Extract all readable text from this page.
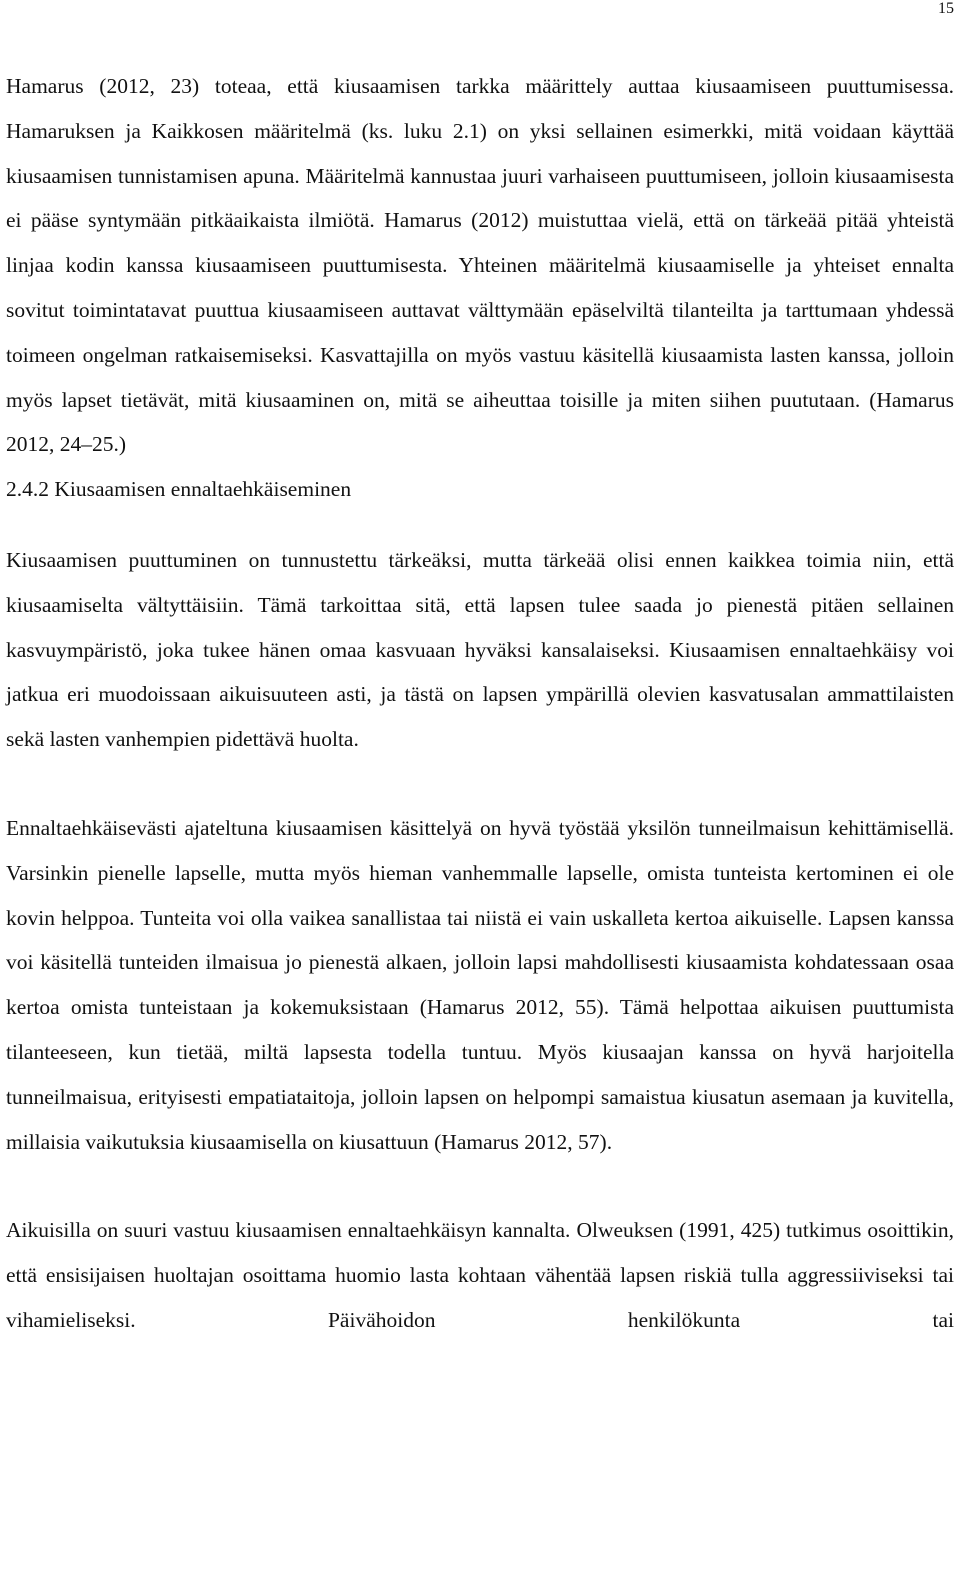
15

Hamarus (2012, 23) toteaa, että kiusaamisen tarkka määrittely auttaa kiusaamiseen puuttumisessa. Hamaruksen ja Kaikkosen määritelmä (ks. luku 2.1) on yksi sellainen esimerkki, mitä voidaan käyttää kiusaamisen tunnistamisen apuna. Määritelmä kannustaa juuri varhaiseen puuttumiseen, jolloin kiusaamisesta ei pääse syntymään pitkäaikaista ilmiötä. Hamarus (2012) muistuttaa vielä, että on tärkeää pitää yhteistä linjaa kodin kanssa kiusaamiseen puuttumisesta. Yhteinen määritelmä kiusaamiselle ja yhteiset ennalta sovitut toimintatavat puuttua kiusaamiseen auttavat välttymään epäselviltä tilanteilta ja tarttumaan yhdessä toimeen ongelman ratkaisemiseksi. Kasvattajilla on myös vastuu käsitellä kiusaamista lasten kanssa, jolloin myös lapset tietävät, mitä kiusaaminen on, mitä se aiheuttaa toisille ja miten siihen puututaan. (Hamarus 2012, 24–25.)

2.4.2 Kiusaamisen ennaltaehkäiseminen

Kiusaamisen puuttuminen on tunnustettu tärkeäksi, mutta tärkeää olisi ennen kaikkea toimia niin, että kiusaamiselta vältyttäisiin. Tämä tarkoittaa sitä, että lapsen tulee saada jo pienestä pitäen sellainen kasvuympäristö, joka tukee hänen omaa kasvuaan hyväksi kansalaiseksi. Kiusaamisen ennaltaehkäisy voi jatkua eri muodoissaan aikuisuuteen asti, ja tästä on lapsen ympärillä olevien kasvatusalan ammattilaisten sekä lasten vanhempien pidettävä huolta.

Ennaltaehkäisevästi ajateltuna kiusaamisen käsittelyä on hyvä työstää yksilön tunneilmaisun kehittämisellä. Varsinkin pienelle lapselle, mutta myös hieman vanhemmalle lapselle, omista tunteista kertominen ei ole kovin helppoa. Tunteita voi olla vaikea sanallistaa tai niistä ei vain uskalleta kertoa aikuiselle. Lapsen kanssa voi käsitellä tunteiden ilmaisua jo pienestä alkaen, jolloin lapsi mahdollisesti kiusaamista kohdatessaan osaa kertoa omista tunteistaan ja kokemuksistaan (Hamarus 2012, 55). Tämä helpottaa aikuisen puuttumista tilanteeseen, kun tietää, miltä lapsesta todella tuntuu. Myös kiusaajan kanssa on hyvä harjoitella tunneilmaisua, erityisesti empatiataitoja, jolloin lapsen on helpompi samaistua kiusatun asemaan ja kuvitella, millaisia vaikutuksia kiusaamisella on kiusattuun (Hamarus 2012, 57).

Aikuisilla on suuri vastuu kiusaamisen ennaltaehkäisyn kannalta. Olweuksen (1991, 425) tutkimus osoittikin, että ensisijaisen huoltajan osoittama huomio lasta kohtaan vähentää lapsen riskiä tulla aggressiiviseksi tai vihamieliseksi. Päivähoidon henkilökunta tai
